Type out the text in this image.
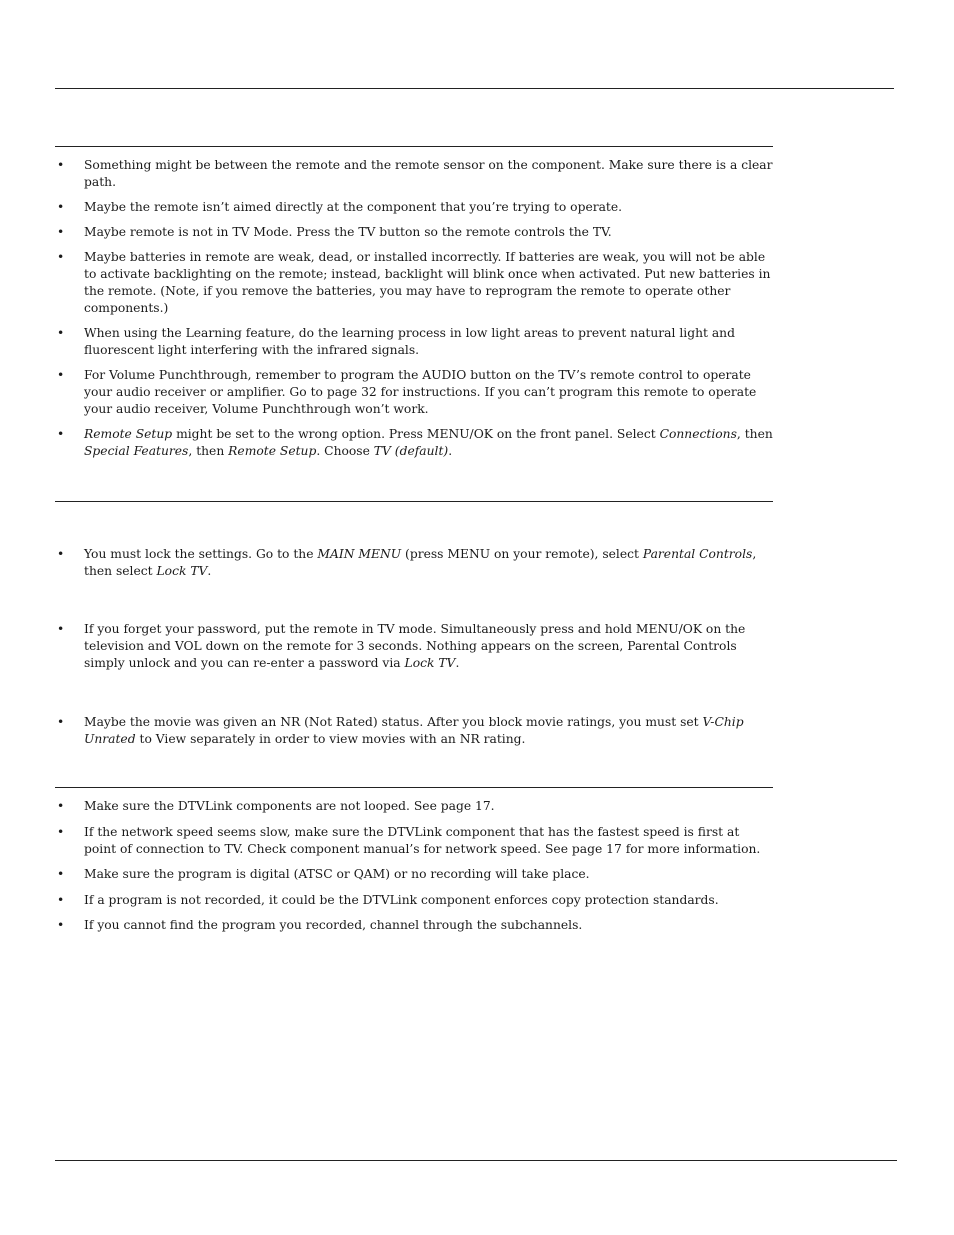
• Something might be between the remote and the remote sensor on the component. Make sure there is a clear path.
• Maybe the remote isn’t aimed directly at the component that you’re trying to operate.
• Maybe remote is not in TV Mode. Press the TV button so the remote controls the TV.
• Maybe batteries in remote are weak, dead, or installed incorrectly. If batteries are weak, you will not be able to activate backlighting on the remote; instead, backlight will blink once when activated. Put new batteries in the remote. (Note, if you remove the batteries, you may have to reprogram the remote to operate other components.)
• When using the Learning feature, do the learning process in low light areas to prevent natural light and fluorescent light interfering with the infrared signals.
• For Volume Punchthrough, remember to program the AUDIO button on the TV’s remote control to operate your audio receiver or amplifier. Go to page 32 for instructions. If you can’t program this remote to operate your audio receiver, Volume Punchthrough won’t work.
• Remote Setup might be set to the wrong option. Press MENU/OK on the front panel. Select Connections, then Special Features, then Remote Setup. Choose TV (default).
• You must lock the settings. Go to the MAIN MENU (press MENU on your remote), select Parental Controls, then select Lock TV.
• If you forget your password, put the remote in TV mode. Simultaneously press and hold MENU/OK on the television and VOL down on the remote for 3 seconds. Nothing appears on the screen, Parental Controls simply unlock and you can re-enter a password via Lock TV.
• Maybe the movie was given an NR (Not Rated) status. After you block movie ratings, you must set V-Chip Unrated to View separately in order to view movies with an NR rating.
• Make sure the DTVLink components are not looped. See page 17.
• If the network speed seems slow, make sure the DTVLink component that has the fastest speed is first at point of connection to TV. Check component manual’s for network speed. See page 17 for more information.
• Make sure the program is digital (ATSC or QAM) or no recording will take place.
• If a program is not recorded, it could be the DTVLink component enforces copy protection standards.
• If you cannot find the program you recorded, channel through the subchannels.
